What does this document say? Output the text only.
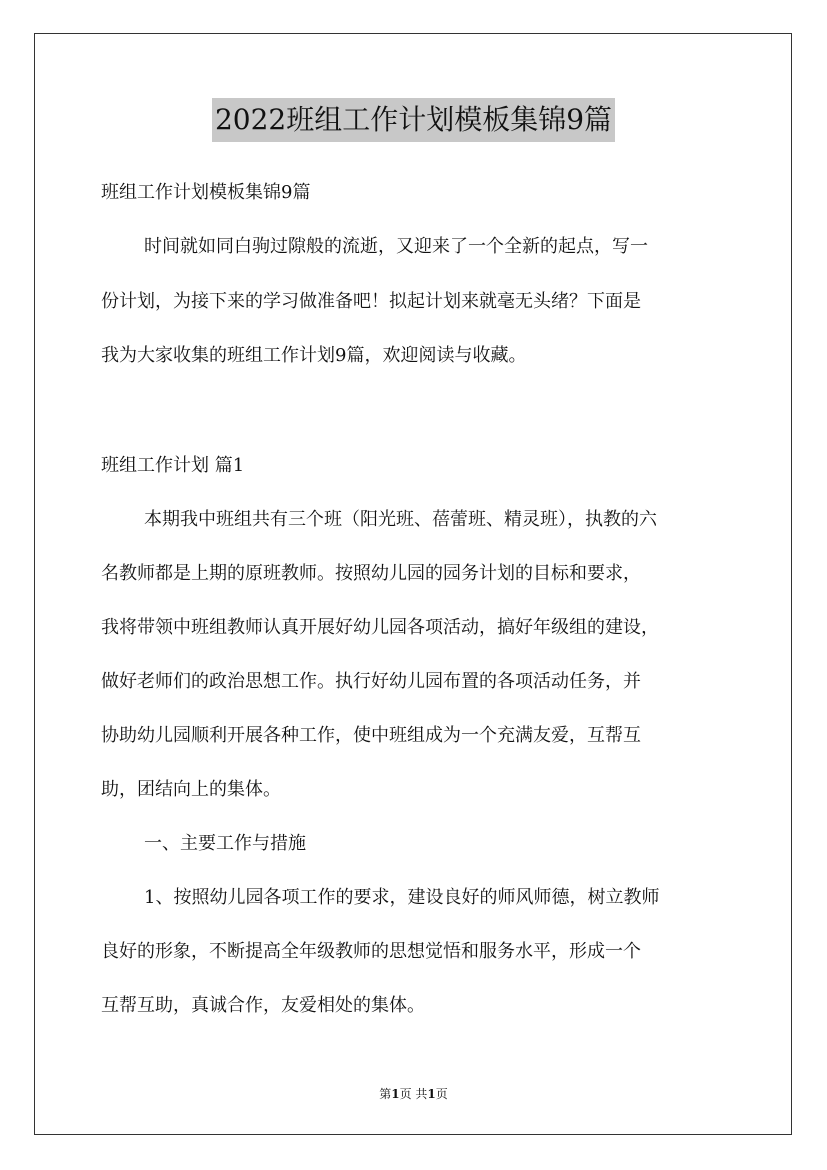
2022班组工作计划模板集锦9篇
班组工作计划模板集锦9篇
时间就如同白驹过隙般的流逝，又迎来了一个全新的起点，写一
份计划，为接下来的学习做准备吧！拟起计划来就毫无头绪？下面是
我为大家收集的班组工作计划9篇，欢迎阅读与收藏。
班组工作计划 篇1
本期我中班组共有三个班（阳光班、蓓蕾班、精灵班），执教的六
名教师都是上期的原班教师。按照幼儿园的园务计划的目标和要求，
我将带领中班组教师认真开展好幼儿园各项活动，搞好年级组的建设，
做好老师们的政治思想工作。执行好幼儿园布置的各项活动任务，并
协助幼儿园顺利开展各种工作，使中班组成为一个充满友爱，互帮互
助，团结向上的集体。
一、主要工作与措施
1、按照幼儿园各项工作的要求，建设良好的师风师德，树立教师
良好的形象，不断提高全年级教师的思想觉悟和服务水平，形成一个
互帮互助，真诚合作，友爱相处的集体。
第1页 共1页
